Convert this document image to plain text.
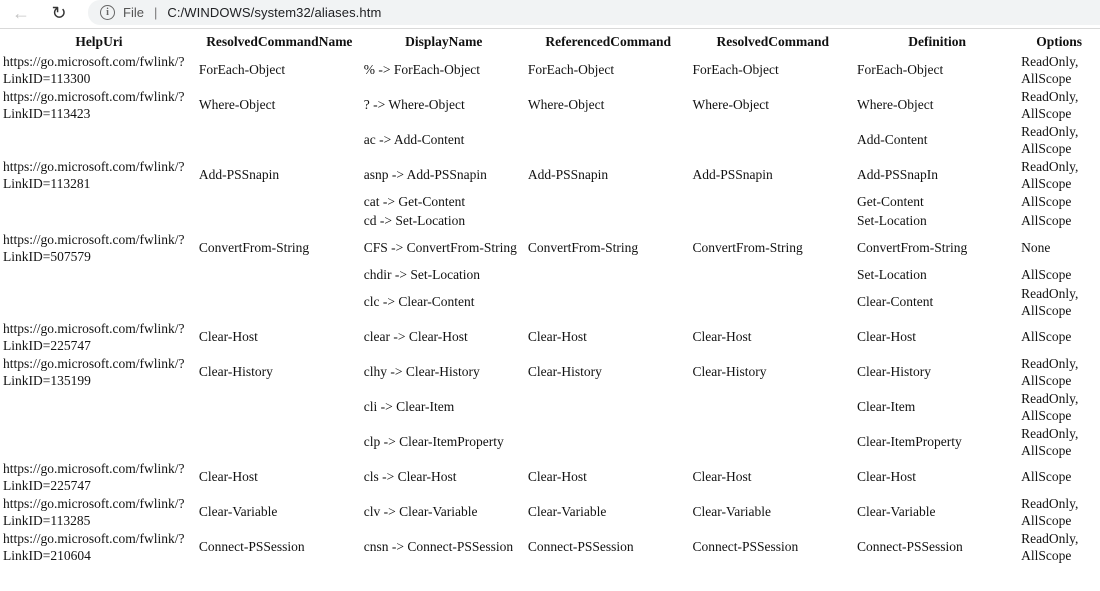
←	↻	i	File | C:/WINDOWS/system32/aliases.htm
HelpUri	ResolvedCommandName	DisplayName	ReferencedCommand	ResolvedCommand	Definition	Options
https://go.microsoft.com/fwlink/?LinkID=113300	ForEach-Object	% -> ForEach-Object	ForEach-Object	ForEach-Object	ForEach-Object	ReadOnly, AllScope
https://go.microsoft.com/fwlink/?LinkID=113423	Where-Object	? -> Where-Object	Where-Object	Where-Object	Where-Object	ReadOnly, AllScope
		ac -> Add-Content			Add-Content	ReadOnly, AllScope
https://go.microsoft.com/fwlink/?LinkID=113281	Add-PSSnapin	asnp -> Add-PSSnapin	Add-PSSnapin	Add-PSSnapin	Add-PSSnapIn	ReadOnly, AllScope
		cat -> Get-Content			Get-Content	AllScope
		cd -> Set-Location			Set-Location	AllScope
https://go.microsoft.com/fwlink/?LinkID=507579	ConvertFrom-String	CFS -> ConvertFrom-String	ConvertFrom-String	ConvertFrom-String	ConvertFrom-String	None
		chdir -> Set-Location			Set-Location	AllScope
		clc -> Clear-Content			Clear-Content	ReadOnly, AllScope
https://go.microsoft.com/fwlink/?LinkID=225747	Clear-Host	clear -> Clear-Host	Clear-Host	Clear-Host	Clear-Host	AllScope
https://go.microsoft.com/fwlink/?LinkID=135199	Clear-History	clhy -> Clear-History	Clear-History	Clear-History	Clear-History	ReadOnly, AllScope
		cli -> Clear-Item			Clear-Item	ReadOnly, AllScope
		clp -> Clear-ItemProperty			Clear-ItemProperty	ReadOnly, AllScope
https://go.microsoft.com/fwlink/?LinkID=225747	Clear-Host	cls -> Clear-Host	Clear-Host	Clear-Host	Clear-Host	AllScope
https://go.microsoft.com/fwlink/?LinkID=113285	Clear-Variable	clv -> Clear-Variable	Clear-Variable	Clear-Variable	Clear-Variable	ReadOnly, AllScope
https://go.microsoft.com/fwlink/?LinkID=210604	Connect-PSSession	cnsn -> Connect-PSSession	Connect-PSSession	Connect-PSSession	Connect-PSSession	ReadOnly, AllScope
